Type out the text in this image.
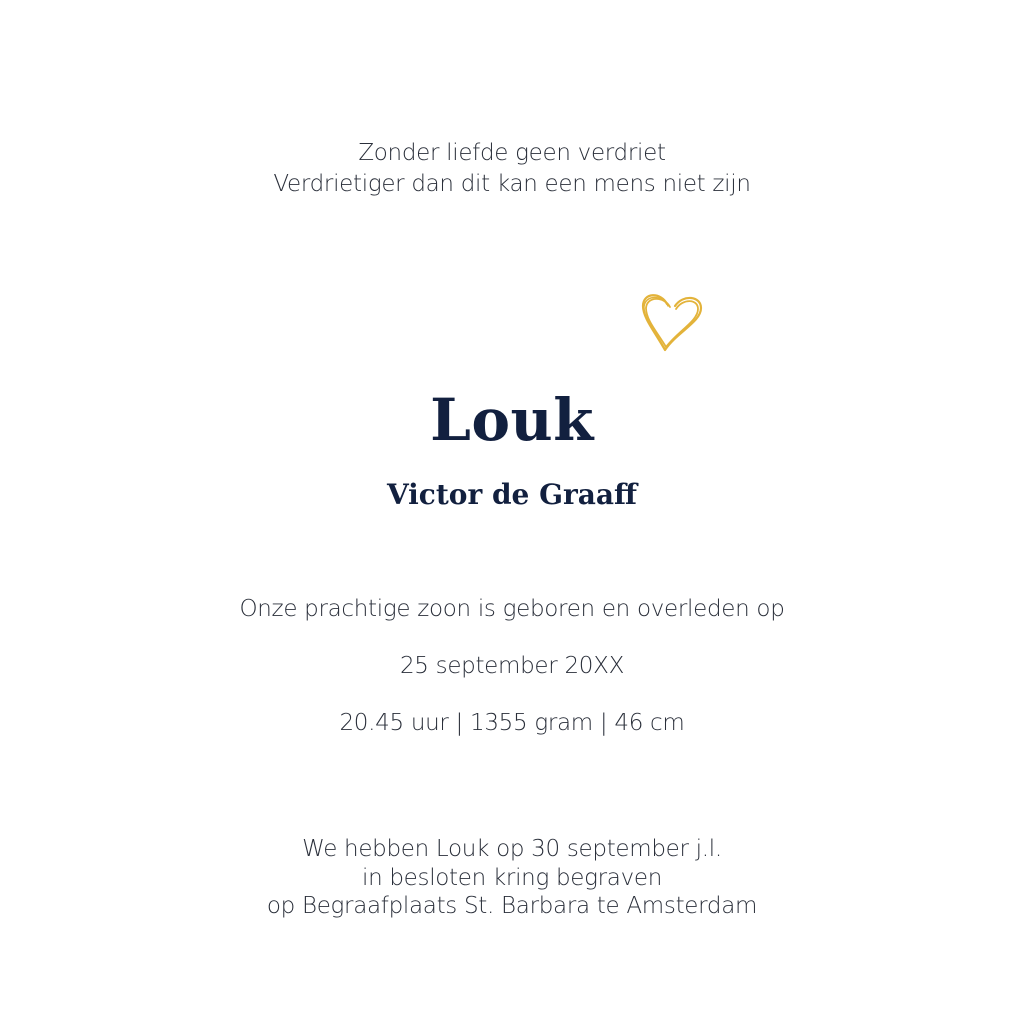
Zonder liefde geen verdriet
Verdrietiger dan dit kan een mens niet zijn
Louk
Victor de Graaff
Onze prachtige zoon is geboren en overleden op
25 september 20XX
20.45 uur | 1355 gram | 46 cm
We hebben Louk op 30 september j.l.
in besloten kring begraven
op Begraafplaats St. Barbara te Amsterdam
